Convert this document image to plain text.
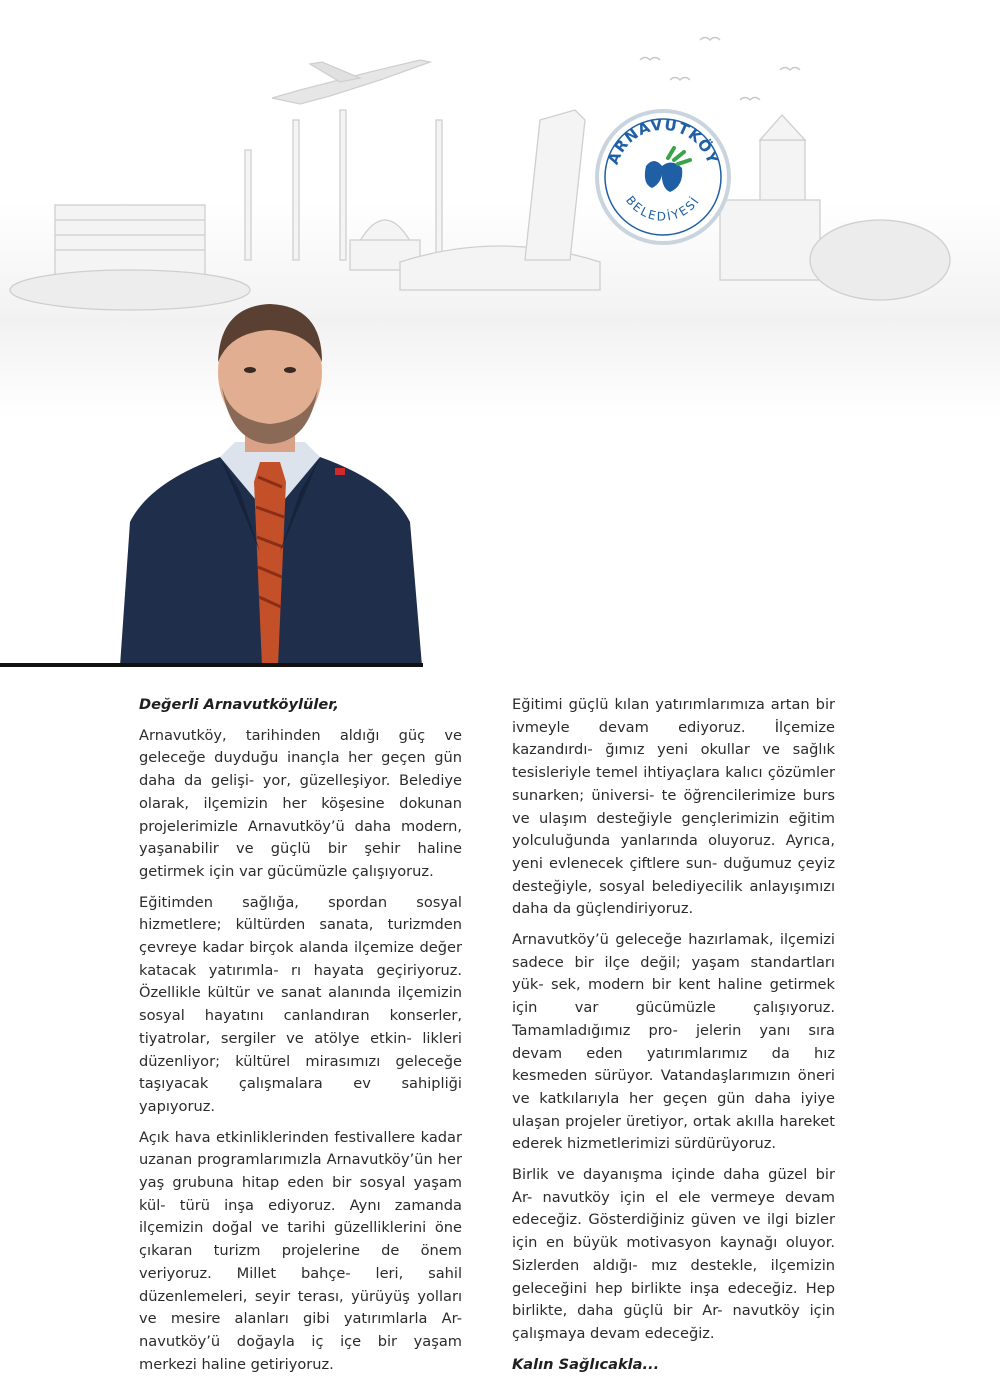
ARNAVUTKÖY
BELEDİYESİ

Değerli Arnavutköylüler,

Arnavutköy, tarihinden aldığı güç ve geleceğe duyduğu inançla her geçen gün daha da gelişi- yor, güzelleşiyor. Belediye olarak, ilçemizin her köşesine dokunan projelerimizle Arnavutköy’ü daha modern, yaşanabilir ve güçlü bir şehir haline getirmek için var gücümüzle çalışıyoruz.

Eğitimden sağlığa, spordan sosyal hizmetlere; kültürden sanata, turizmden çevreye kadar birçok alanda ilçemize değer katacak yatırımla- rı hayata geçiriyoruz. Özellikle kültür ve sanat alanında ilçemizin sosyal hayatını canlandıran konserler, tiyatrolar, sergiler ve atölye etkin- likleri düzenliyor; kültürel mirasımızı geleceğe taşıyacak çalışmalara ev sahipliği yapıyoruz.

Açık hava etkinliklerinden festivallere kadar uzanan programlarımızla Arnavutköy’ün her yaş grubuna hitap eden bir sosyal yaşam kül- türü inşa ediyoruz. Aynı zamanda ilçemizin doğal ve tarihi güzelliklerini öne çıkaran turizm projelerine de önem veriyoruz. Millet bahçe- leri, sahil düzenlemeleri, seyir terası, yürüyüş yolları ve mesire alanları gibi yatırımlarla Ar- navutköy’ü doğayla iç içe bir yaşam merkezi haline getiriyoruz.

Eğitimi güçlü kılan yatırımlarımıza artan bir ivmeyle devam ediyoruz. İlçemize kazandırdı- ğımız yeni okullar ve sağlık tesisleriyle temel ihtiyaçlara kalıcı çözümler sunarken; üniversi- te öğrencilerimize burs ve ulaşım desteğiyle gençlerimizin eğitim yolculuğunda yanlarında oluyoruz. Ayrıca, yeni evlenecek çiftlere sun- duğumuz çeyiz desteğiyle, sosyal belediyecilik anlayışımızı daha da güçlendiriyoruz.

Arnavutköy’ü geleceğe hazırlamak, ilçemizi sadece bir ilçe değil; yaşam standartları yük- sek, modern bir kent haline getirmek için var gücümüzle çalışıyoruz. Tamamladığımız pro- jelerin yanı sıra devam eden yatırımlarımız da hız kesmeden sürüyor. Vatandaşlarımızın öneri ve katkılarıyla her geçen gün daha iyiye ulaşan projeler üretiyor, ortak akılla hareket ederek hizmetlerimizi sürdürüyoruz.

Birlik ve dayanışma içinde daha güzel bir Ar- navutköy için el ele vermeye devam edeceğiz. Gösterdiğiniz güven ve ilgi bizler için en büyük motivasyon kaynağı oluyor. Sizlerden aldığı- mız destekle, ilçemizin geleceğini hep birlikte inşa edeceğiz. Hep birlikte, daha güçlü bir Ar- navutköy için çalışmaya devam edeceğiz.

Kalın Sağlıcakla...
